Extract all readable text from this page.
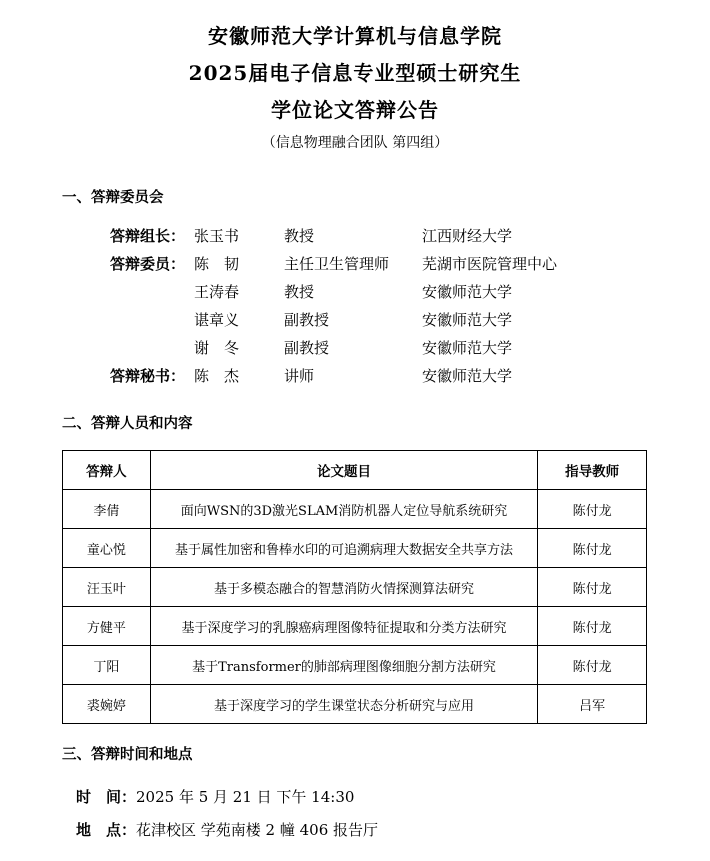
安徽师范大学计算机与信息学院
2025届电子信息专业型硕士研究生
学位论文答辩公告
（信息物理融合团队 第四组）
一、答辩委员会
答辩组长： 张玉书	教授	江西财经大学
答辩委员： 陈　韧	主任卫生管理师	芜湖市医院管理中心
王涛春	教授	安徽师范大学
谌章义	副教授	安徽师范大学
谢　冬	副教授	安徽师范大学
答辩秘书： 陈　杰	讲师	安徽师范大学
二、答辩人员和内容
答辩人	论文题目	指导教师
李倩	面向WSN的3D激光SLAM消防机器人定位导航系统研究	陈付龙
童心悦	基于属性加密和鲁棒水印的可追溯病理大数据安全共享方法	陈付龙
汪玉叶	基于多模态融合的智慧消防火情探测算法研究	陈付龙
方健平	基于深度学习的乳腺癌病理图像特征提取和分类方法研究	陈付龙
丁阳	基于Transformer的肺部病理图像细胞分割方法研究	陈付龙
裘婉婷	基于深度学习的学生课堂状态分析研究与应用	吕军
三、答辩时间和地点
时　间：2025 年 5 月 21 日 下午 14:30
地　点：花津校区 学苑南楼 2 幢 406 报告厅
